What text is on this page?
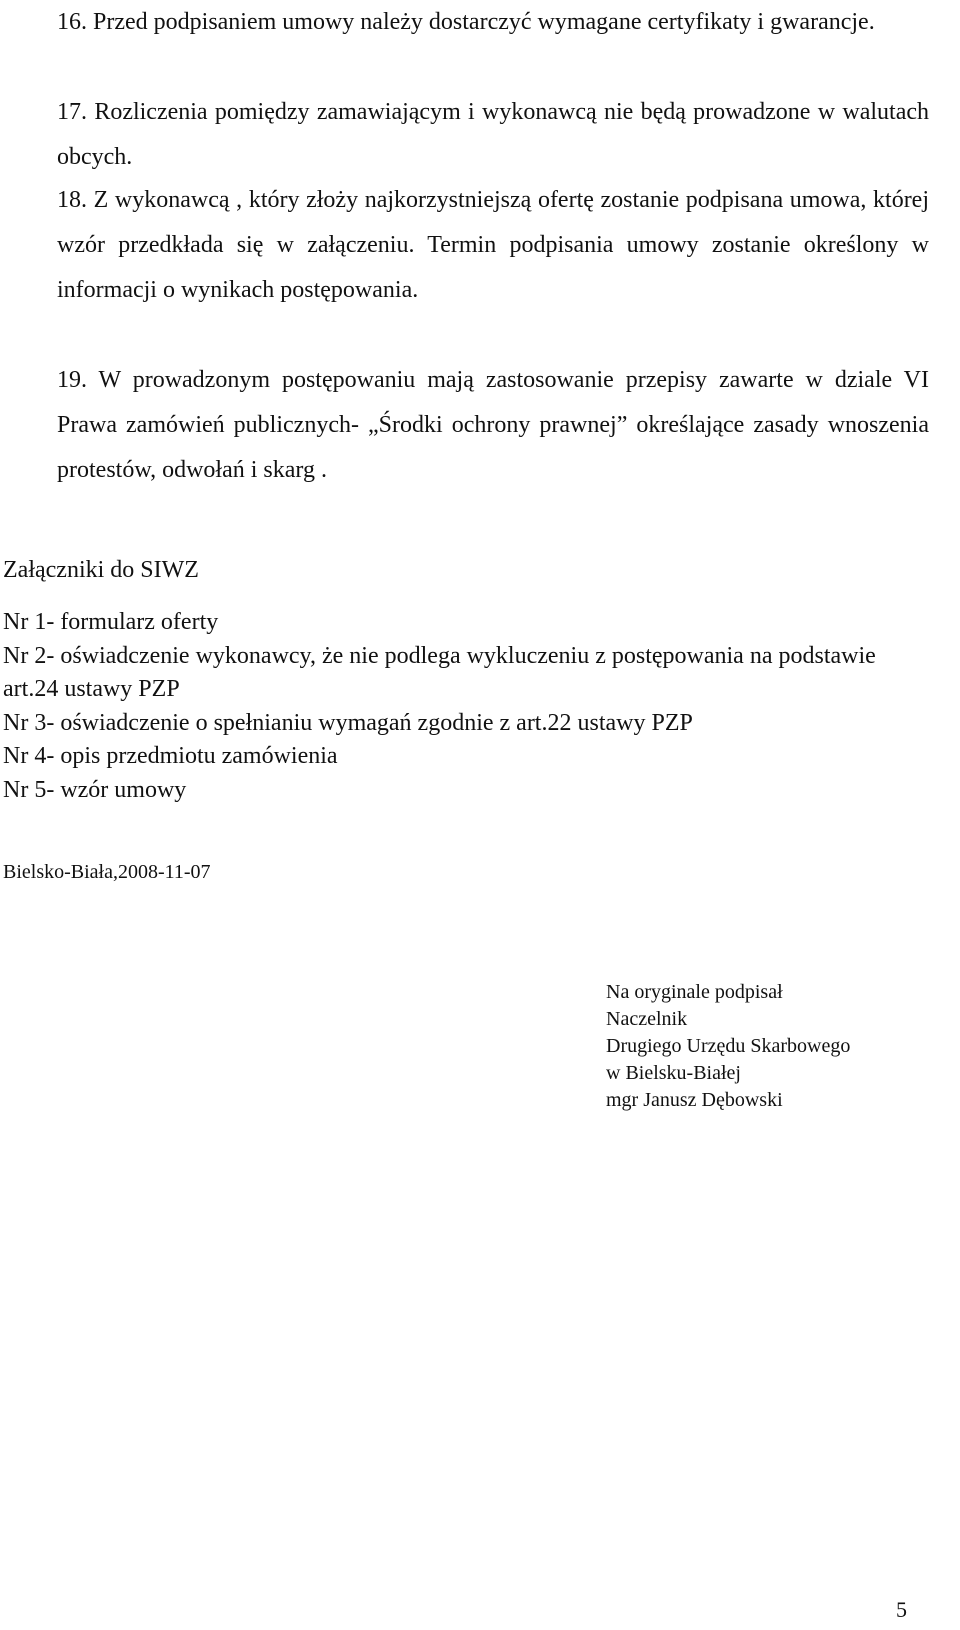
16. Przed podpisaniem umowy należy dostarczyć wymagane certyfikaty i gwarancje.

17. Rozliczenia pomiędzy zamawiającym i wykonawcą nie będą prowadzone w walutach obcych.

18. Z wykonawcą , który złoży najkorzystniejszą ofertę zostanie podpisana umowa, której wzór przedkłada się w załączeniu. Termin podpisania umowy zostanie określony w informacji o wynikach postępowania.

19. W prowadzonym postępowaniu mają zastosowanie przepisy zawarte w dziale VI Prawa zamówień publicznych- „Środki ochrony prawnej” określające zasady wnoszenia protestów, odwołań i skarg .

Załączniki do SIWZ
Nr 1- formularz oferty
Nr 2- oświadczenie wykonawcy, że nie podlega wykluczeniu z postępowania na podstawie art.24 ustawy PZP
Nr 3- oświadczenie o spełnianiu wymagań zgodnie z art.22 ustawy PZP
Nr 4- opis przedmiotu zamówienia
Nr 5- wzór umowy

Bielsko-Biała,2008-11-07

Na oryginale podpisał
Naczelnik
Drugiego Urzędu Skarbowego
w Bielsku-Białej
mgr Janusz Dębowski

5
